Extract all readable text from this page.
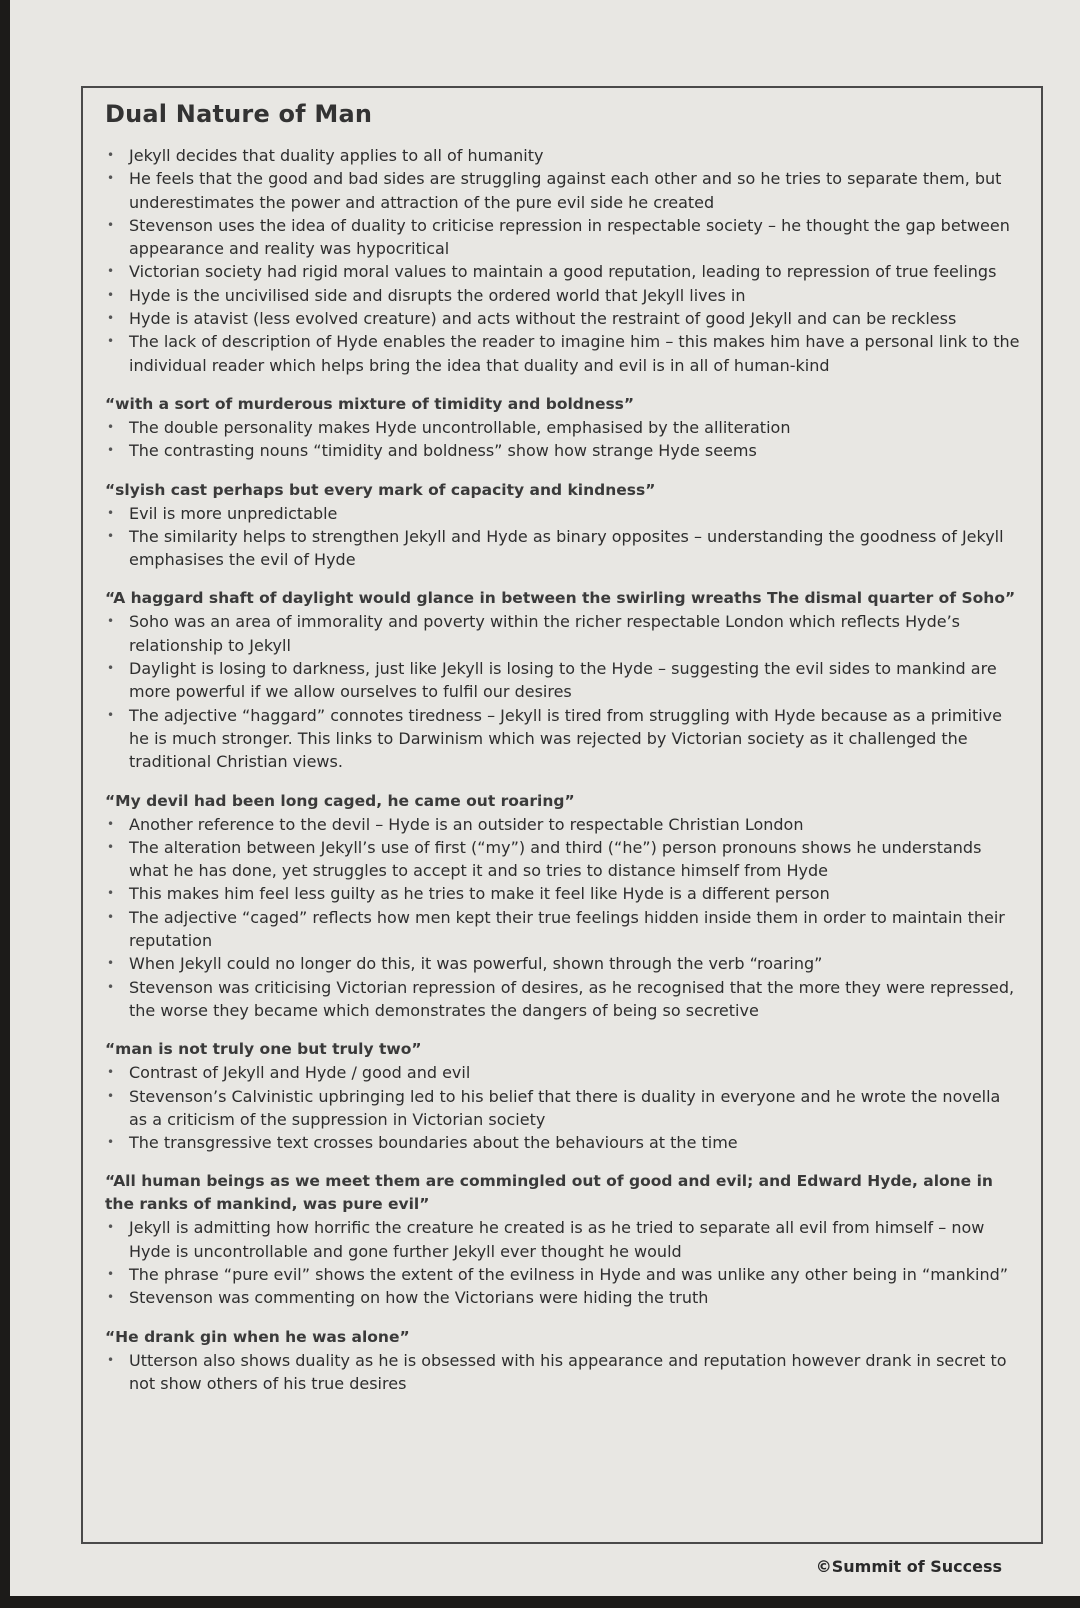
Dual Nature of Man
• Jekyll decides that duality applies to all of humanity
• He feels that the good and bad sides are struggling against each other and so he tries to separate them, but underestimates the power and attraction of the pure evil side he created
• Stevenson uses the idea of duality to criticise repression in respectable society – he thought the gap between appearance and reality was hypocritical
• Victorian society had rigid moral values to maintain a good reputation, leading to repression of true feelings
• Hyde is the uncivilised side and disrupts the ordered world that Jekyll lives in
• Hyde is atavist (less evolved creature) and acts without the restraint of good Jekyll and can be reckless
• The lack of description of Hyde enables the reader to imagine him – this makes him have a personal link to the individual reader which helps bring the idea that duality and evil is in all of human-kind
“with a sort of murderous mixture of timidity and boldness”
• The double personality makes Hyde uncontrollable, emphasised by the alliteration
• The contrasting nouns “timidity and boldness” show how strange Hyde seems
“slyish cast perhaps but every mark of capacity and kindness”
• Evil is more unpredictable
• The similarity helps to strengthen Jekyll and Hyde as binary opposites – understanding the goodness of Jekyll emphasises the evil of Hyde
“A haggard shaft of daylight would glance in between the swirling wreaths The dismal quarter of Soho”
• Soho was an area of immorality and poverty within the richer respectable London which reflects Hyde’s relationship to Jekyll
• Daylight is losing to darkness, just like Jekyll is losing to the Hyde – suggesting the evil sides to mankind are more powerful if we allow ourselves to fulfil our desires
• The adjective “haggard” connotes tiredness – Jekyll is tired from struggling with Hyde because as a primitive he is much stronger. This links to Darwinism which was rejected by Victorian society as it challenged the traditional Christian views.
“My devil had been long caged, he came out roaring”
• Another reference to the devil – Hyde is an outsider to respectable Christian London
• The alteration between Jekyll’s use of first (“my”) and third (“he”) person pronouns shows he understands what he has done, yet struggles to accept it and so tries to distance himself from Hyde
• This makes him feel less guilty as he tries to make it feel like Hyde is a different person
• The adjective “caged” reflects how men kept their true feelings hidden inside them in order to maintain their reputation
• When Jekyll could no longer do this, it was powerful, shown through the verb “roaring”
• Stevenson was criticising Victorian repression of desires, as he recognised that the more they were repressed, the worse they became which demonstrates the dangers of being so secretive
“man is not truly one but truly two”
• Contrast of Jekyll and Hyde / good and evil
• Stevenson’s Calvinistic upbringing led to his belief that there is duality in everyone and he wrote the novella as a criticism of the suppression in Victorian society
• The transgressive text crosses boundaries about the behaviours at the time
“All human beings as we meet them are commingled out of good and evil; and Edward Hyde, alone in the ranks of mankind, was pure evil”
• Jekyll is admitting how horrific the creature he created is as he tried to separate all evil from himself – now Hyde is uncontrollable and gone further Jekyll ever thought he would
• The phrase “pure evil” shows the extent of the evilness in Hyde and was unlike any other being in “mankind”
• Stevenson was commenting on how the Victorians were hiding the truth
“He drank gin when he was alone”
• Utterson also shows duality as he is obsessed with his appearance and reputation however drank in secret to not show others of his true desires
©Summit of Success
